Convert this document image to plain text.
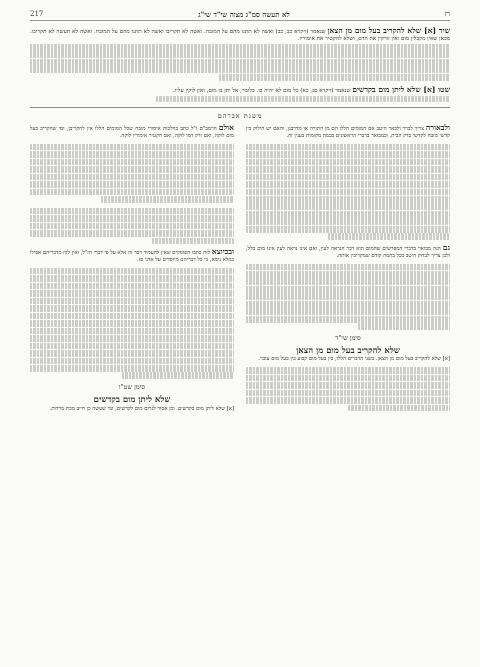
217	לא תעשה סמ"ג מצוה שי"ד שי"ג	רז
שיר [א] שלא להקריב בעל מום מן הצאן שנאמר (ויקרא כב, כב) ואשה לא תתנו מהם על המזבח. ואשה לא תקריבו ואשה לא תתנו מהם על המזבח. ואשה לא תעשה לא תקריבו. מכאן שאין מקבלין מום ואין זורקין את הדם, ושלא להקטיר את אימוריו.
שטו [א] שלא ליתן מום בקדשים שנאמר (ויקרא כב, כא) כל מום לא יהיה בו. כלומר, אל יתן בו מום, ואין לוקין עליו.
משנת אברהם

ולבאורה צריך לברר ולבאר היטב אם המומים הללו הם מן התורה או מדרבנן, והאם יש חילוק בין קדשי מזבח לקדשי בדק הבית, וכמבואר בדברי הראשונים בכמה מקומות בענין זה.

גם הנה מבואר בדברי המפרשים שהמום הוא דבר הנראה לעין, ואם אינו נראה לעין אינו מום כלל, ולכן צריך לבדוק היטב בכל בהמה קודם שמקריבין אותה.

סימן שי"ד
שלא להקריב בעל מום מן הצאן

[א] שלא להקריב בעל מום מן הצאן. בשני הדברים הללו, בין בעל מום קבוע בין בעל מום עובר.

אולם הרמב"ם ז"ל כתב בהלכות איסורי מזבח שכל המומים הללו אין להקריבן, ומי שהקריב בעל מום לוקה, ואם זרק דמו לוקה, ואם הקטיר אימוריו לוקה.

ובכיוצא לזה כתבו הפוסקים שאין להעמיד דבר זה אלא על פי דברי חז"ל, ואין לזוז מדבריהם אפילו כמלא נימא, כי כל דבריהם מיוסדים על אדני פז.

סימן שט"ו
שלא ליתן מום בקדשים

[א] שלא ליתן מום בקדשים. וכן אסור לגרום מום לקדשים, ומי שעשה כן חייב מכת מרדות.
